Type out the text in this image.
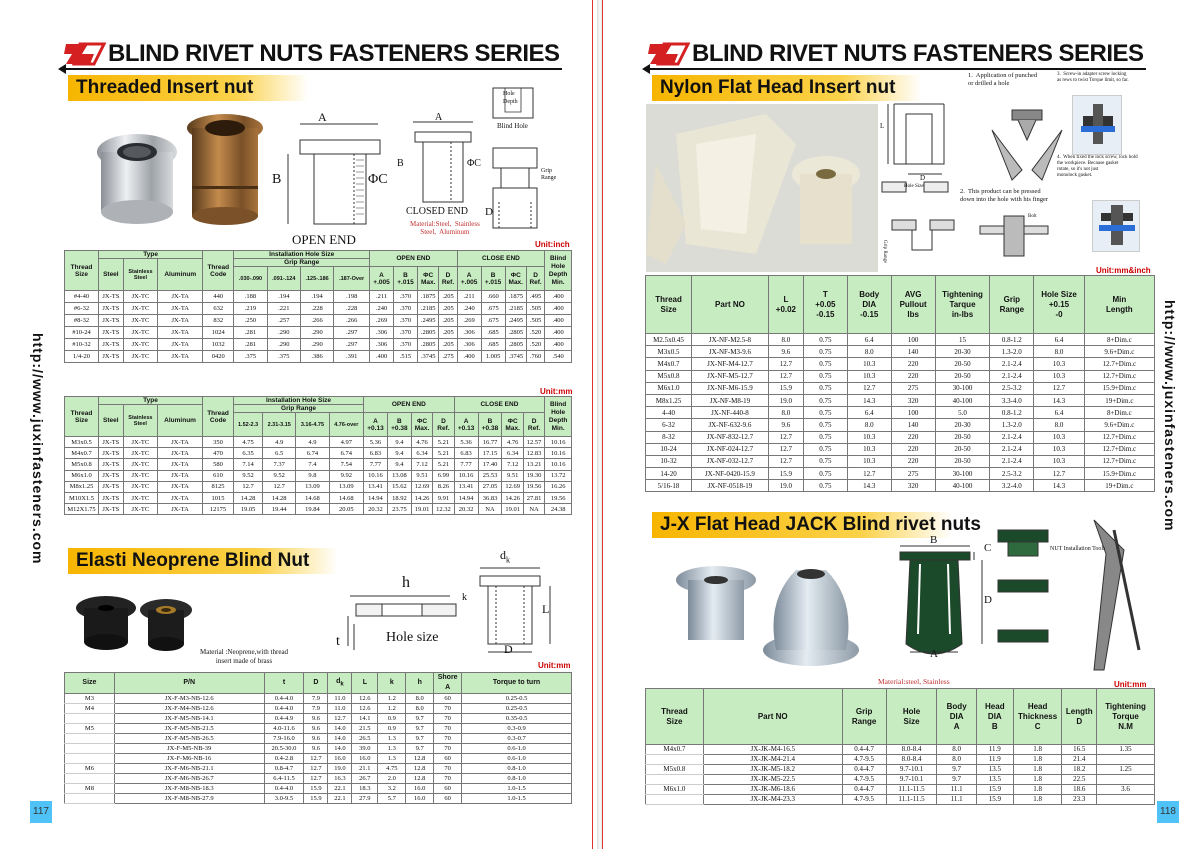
BLIND RIVET NUTS FASTENERS SERIES
Threaded Insert nut
http://www.juxinfasteners.com
A
B	ΦC
OPEN END
A
B	ΦC
CLOSED END
Material:Steel,  Stainless
Steel,  Aluminum
Hole
Depth
Blind Hole
Grip
Range
D
Unit:inch
Thread
Size	Type			Thread
Code	Installation Hole Size				OPEN END				CLOSE END				Blind
Hole
Depth
Min.
	Steel	Stainless
Steel	Aluminum		Grip Range												
					.030-.090	.091-.124	.125-.186	.187-Over	A
+.005	B
+.015	ΦC
Max.	D
Ref.	A
+.005	B
+.015	ΦC
Max.	D
Ref.	
#4-40	JX-TS	JX-TC	JX-TA	440	.188	.194	.194	.198	.211	.370	.1875	.205	.211	.660	.1875	.495	.400
#6-32	JX-TS	JX-TC	JX-TA	632	.219	.221	.228	.228	.240	.370	.2185	.205	.240	.675	.2185	.505	.400
#8-32	JX-TS	JX-TC	JX-TA	832	.250	.257	.266	.266	.269	.370	.2495	.205	.269	.675	.2495	.505	.400
#10-24	JX-TS	JX-TC	JX-TA	1024	.281	.290	.290	.297	.306	.370	.2805	.205	.306	.685	.2805	.520	.400
#10-32	JX-TS	JX-TC	JX-TA	1032	.281	.290	.290	.297	.306	.370	.2805	.205	.306	.685	.2805	.520	.400
1/4-20	JX-TS	JX-TC	JX-TA	0420	.375	.375	.386	.391	.400	.515	.3745	.275	.400	1.005	.3745	.760	.540
Unit:mm
Thread
Size	Type			Thread
Code	Installation Hole Size				OPEN END				CLOSE END				Blind
Hole
Depth
Min.
	Steel	Stainless
Steel	Aluminum		Grip Range												
					1.52-2.3	2.31-3.15	3.16-4.75	4.76-over	A
+0.13	B
+0.38	ΦC
Max.	D
Ref.	A
+0.13	B
+0.38	ΦC
Max.	D
Ref.	
M3x0.5	JX-TS	JX-TC	JX-TA	350	4.75	4.9	4.9	4.97	5.36	9.4	4.76	5.21	5.36	16.77	4.76	12.57	10.16
M4x0.7	JX-TS	JX-TC	JX-TA	470	6.35	6.5	6.74	6.74	6.83	9.4	6.34	5.21	6.83	17.15	6.34	12.83	10.16
M5x0.8	JX-TS	JX-TC	JX-TA	580	7.14	7.37	7.4	7.54	7.77	9.4	7.12	5.21	7.77	17.40	7.12	13.21	10.16
M6x1.0	JX-TS	JX-TC	JX-TA	610	9.52	9.52	9.8	9.92	10.16	13.08	9.51	6.99	10.16	25.53	9.51	19.30	13.72
M8x1.25	JX-TS	JX-TC	JX-TA	8125	12.7	12.7	13.09	13.09	13.41	15.62	12.69	8.26	13.41	27.05	12.69	19.56	16.26
M10X1.5	JX-TS	JX-TC	JX-TA	1015	14.28	14.28	14.68	14.68	14.94	18.92	14.26	9.91	14.94	36.83	14.26	27.81	19.56
M12X1.75	JX-TS	JX-TC	JX-TA	12175	19.05	19.44	19.84	20.05	20.32	23.75	19.01	12.32	20.32	NA	19.01	NA	24.38
Elasti Neoprene Blind Nut
Material :Neoprene,with thread
insert made of brass
h
t	Hole size
$d_k$
k
L
D
Unit:mm
Size	P/N	t	D	$d_k$	L	k	h	Shore
A	Torque to turn
M3	JX-F-M3-NB-12.6	0.4-4.0	7.9	11.0	12.6	1.2	8.0	60	0.25-0.5
M4	JX-F-M4-NB-12.6	0.4-4.0	7.9	11.0	12.6	1.2	8.0	70	0.25-0.5
	JX-F-M5-NB-14.1	0.4-4.9	9.6	12.7	14.1	0.9	9.7	70	0.35-0.5
M5	JX-F-M5-NB-21.5	4.0-11.6	9.6	14.0	21.5	0.9	9.7	70	0.3-0.9
	JX-F-M5-NB-26.5	7.9-16.0	9.6	14.0	26.5	1.3	9.7	70	0.3-0.7
	JX-F-M5-NB-39	20.5-30.0	9.6	14.0	39.0	1.3	9.7	70	0.6-1.0
	JX-F-M6-NB-16	0.4-2.8	12.7	16.0	16.0	1.3	12.8	60	0.6-1.0
M6	JX-F-M6-NB-21.1	0.8-4.7	12.7	19.0	21.1	4.75	12.8	70	0.8-1.0
	JX-F-M6-NB-26.7	6.4-11.5	12.7	16.3	26.7	2.0	12.8	70	0.8-1.0
M8	JX-F-M8-NB-18.3	0.4-4.0	15.9	22.1	18.3	3.2	16.0	60	1.0-1.5
	JX-F-M8-NB-27.9	3.0-9.5	15.9	22.1	27.9	5.7	16.0	60	1.0-1.5
117
BLIND RIVET NUTS FASTENERS SERIES
Nylon Flat Head Insert nut
http://www.juxinfasteners.com
L
D
Hole Size
1.  Application of punched
or drilled a hole
2.  This product can be pressed
down into the hole with his finger
3.  Screw-in adapter screw locking
as rews to twist Torque limit, so far.
4.  When fixed the lock screw, lock hold
the workpiece. Because gasket
rotate, so it's not just
monolock gasket.
Grip Range
Bolt
Unit:mm&inch
Thread
Size	Part NO	L
+0.02	T
+0.05
-0.15	Body
DIA
-0.15	AVG
Pullout
lbs	Tightening
Tarque
in-lbs	Grip
Range	Hole Size
+0.15
-0	Min
Length
M2.5x0.45	JX-NF-M2.5-8	8.0	0.75	6.4	100	15	0.8-1.2	6.4	8+Dim.c
M3x0.5	JX-NF-M3-9.6	9.6	0.75	8.0	140	20-30	1.3-2.0	8.0	9.6+Dim.c
M4x0.7	JX-NF-M4-12.7	12.7	0.75	10.3	220	20-50	2.1-2.4	10.3	12.7+Dim.c
M5x0.8	JX-NF-M5-12.7	12.7	0.75	10.3	220	20-50	2.1-2.4	10.3	12.7+Dim.c
M6x1.0	JX-NF-M6-15.9	15.9	0.75	12.7	275	30-100	2.5-3.2	12.7	15.9+Dim.c
M8x1.25	JX-NF-M8-19	19.0	0.75	14.3	320	40-100	3.3-4.0	14.3	19+Dim.c
4-40	JX-NF-440-8	8.0	0.75	6.4	100	5.0	0.8-1.2	6.4	8+Dim.c
6-32	JX-NF-632-9.6	9.6	0.75	8.0	140	20-30	1.3-2.0	8.0	9.6+Dim.c
8-32	JX-NF-832-12.7	12.7	0.75	10.3	220	20-50	2.1-2.4	10.3	12.7+Dim.c
10-24	JX-NF-024-12.7	12.7	0.75	10.3	220	20-50	2.1-2.4	10.3	12.7+Dim.c
10-32	JX-NF-032-12.7	12.7	0.75	10.3	220	20-50	2.1-2.4	10.3	12.7+Dim.c
14-20	JX-NF-0420-15.9	15.9	0.75	12.7	275	30-100	2.5-3.2	12.7	15.9+Dim.c
5/16-18	JX-NF-0518-19	19.0	0.75	14.3	320	40-100	3.2-4.0	14.3	19+Dim.c
J-X Flat Head JACK Blind rivet nuts
B
C
D
A
NUT Installation Tools
Material:steel, Stainless	Unit:mm
Thread
Size	Part NO	Grip
Range	Hole
Size	Body
DIA
A	Head
DIA
B	Head
Thickness
C	Length
D	Tightening
Torque
N.M
M4x0.7	JX-JK-M4-16.5	0.4-4.7	8.0-8.4	8.0	11.9	1.8	16.5	1.35
	JX-JK-M4-21.4	4.7-9.5	8.0-8.4	8.0	11.9	1.8	21.4	
M5x0.8	JX-JK-M5-18.2	0.4-4.7	9.7-10.1	9.7	13.5	1.8	18.2	1.25
	JX-JK-M5-22.5	4.7-9.5	9.7-10.1	9.7	13.5	1.8	22.5	
M6x1.0	JX-JK-M6-18.6	0.4-4.7	11.1-11.5	11.1	15.9	1.8	18.6	3.6
	JX-JK-M4-23.3	4.7-9.5	11.1-11.5	11.1	15.9	1.8	23.3	
118
